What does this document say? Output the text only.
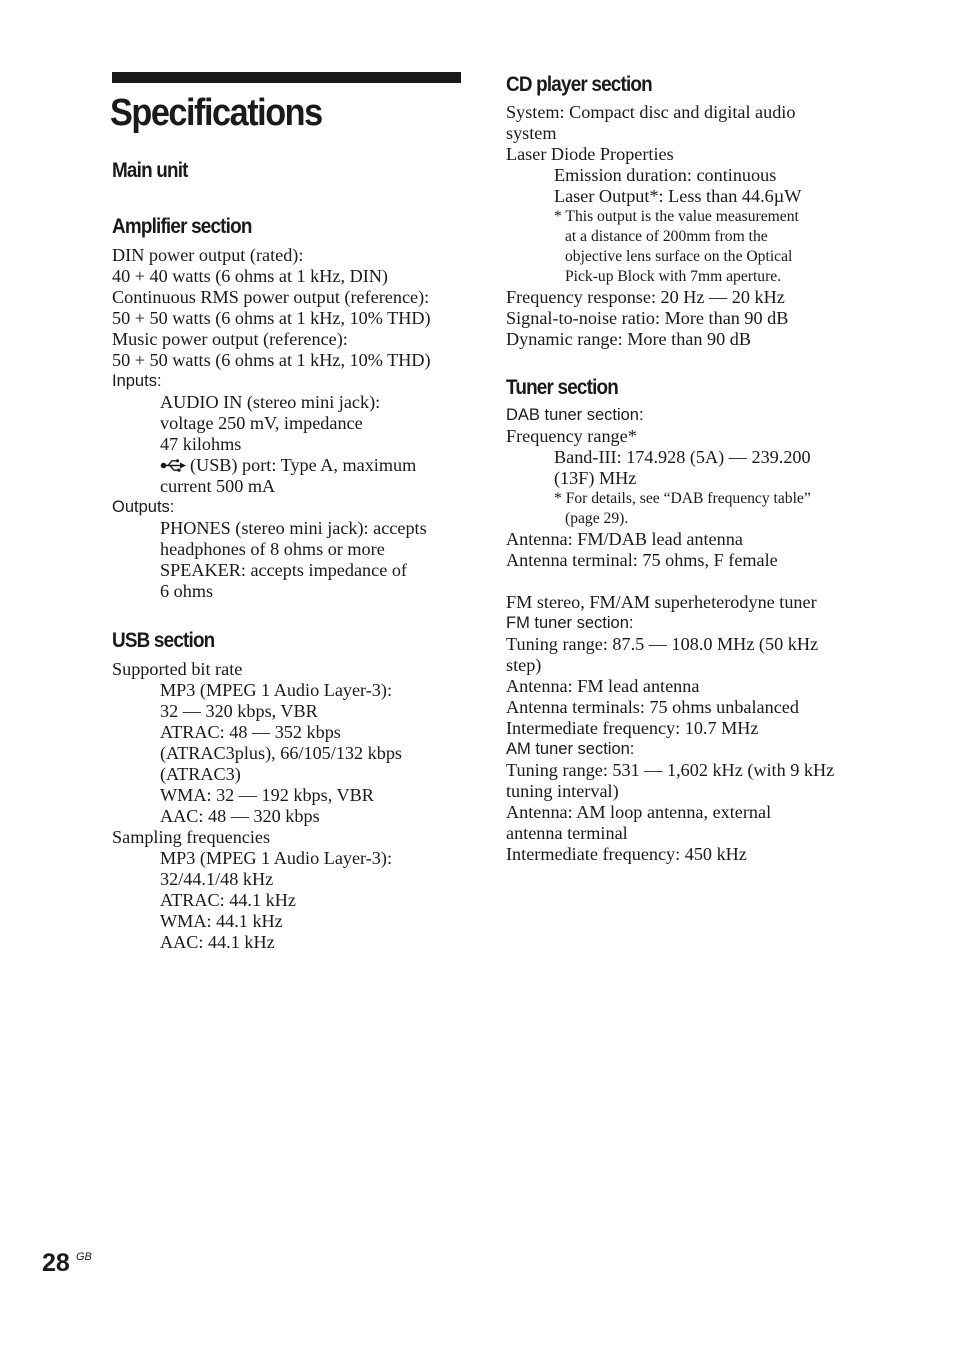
Specifications
Main unit
Amplifier section
DIN power output (rated):
40 + 40 watts (6 ohms at 1 kHz, DIN)
Continuous RMS power output (reference):
50 + 50 watts (6 ohms at 1 kHz, 10% THD)
Music power output (reference):
50 + 50 watts (6 ohms at 1 kHz, 10% THD)
Inputs:
AUDIO IN (stereo mini jack):
voltage 250 mV, impedance
47 kilohms
(USB) port: Type A, maximum
current 500 mA
Outputs:
PHONES (stereo mini jack): accepts
headphones of 8 ohms or more
SPEAKER: accepts impedance of
6 ohms
USB section
Supported bit rate
MP3 (MPEG 1 Audio Layer-3):
32 — 320 kbps, VBR
ATRAC: 48 — 352 kbps
(ATRAC3plus), 66/105/132 kbps
(ATRAC3)
WMA: 32 — 192 kbps, VBR
AAC: 48 — 320 kbps
Sampling frequencies
MP3 (MPEG 1 Audio Layer-3):
32/44.1/48 kHz
ATRAC: 44.1 kHz
WMA: 44.1 kHz
AAC: 44.1 kHz
CD player section
System: Compact disc and digital audio
system
Laser Diode Properties
Emission duration: continuous
Laser Output*: Less than 44.6µW
* This output is the value measurement
at a distance of 200mm from the
objective lens surface on the Optical
Pick-up Block with 7mm aperture.
Frequency response: 20 Hz — 20 kHz
Signal-to-noise ratio: More than 90 dB
Dynamic range: More than 90 dB
Tuner section
DAB tuner section:
Frequency range*
Band-III: 174.928 (5A) — 239.200
(13F) MHz
* For details, see “DAB frequency table”
(page 29).
Antenna: FM/DAB lead antenna
Antenna terminal: 75 ohms, F female
FM stereo, FM/AM superheterodyne tuner
FM tuner section:
Tuning range: 87.5 — 108.0 MHz (50 kHz
step)
Antenna: FM lead antenna
Antenna terminals: 75 ohms unbalanced
Intermediate frequency: 10.7 MHz
AM tuner section:
Tuning range: 531 — 1,602 kHz (with 9 kHz
tuning interval)
Antenna: AM loop antenna, external
antenna terminal
Intermediate frequency: 450 kHz
28 GB
